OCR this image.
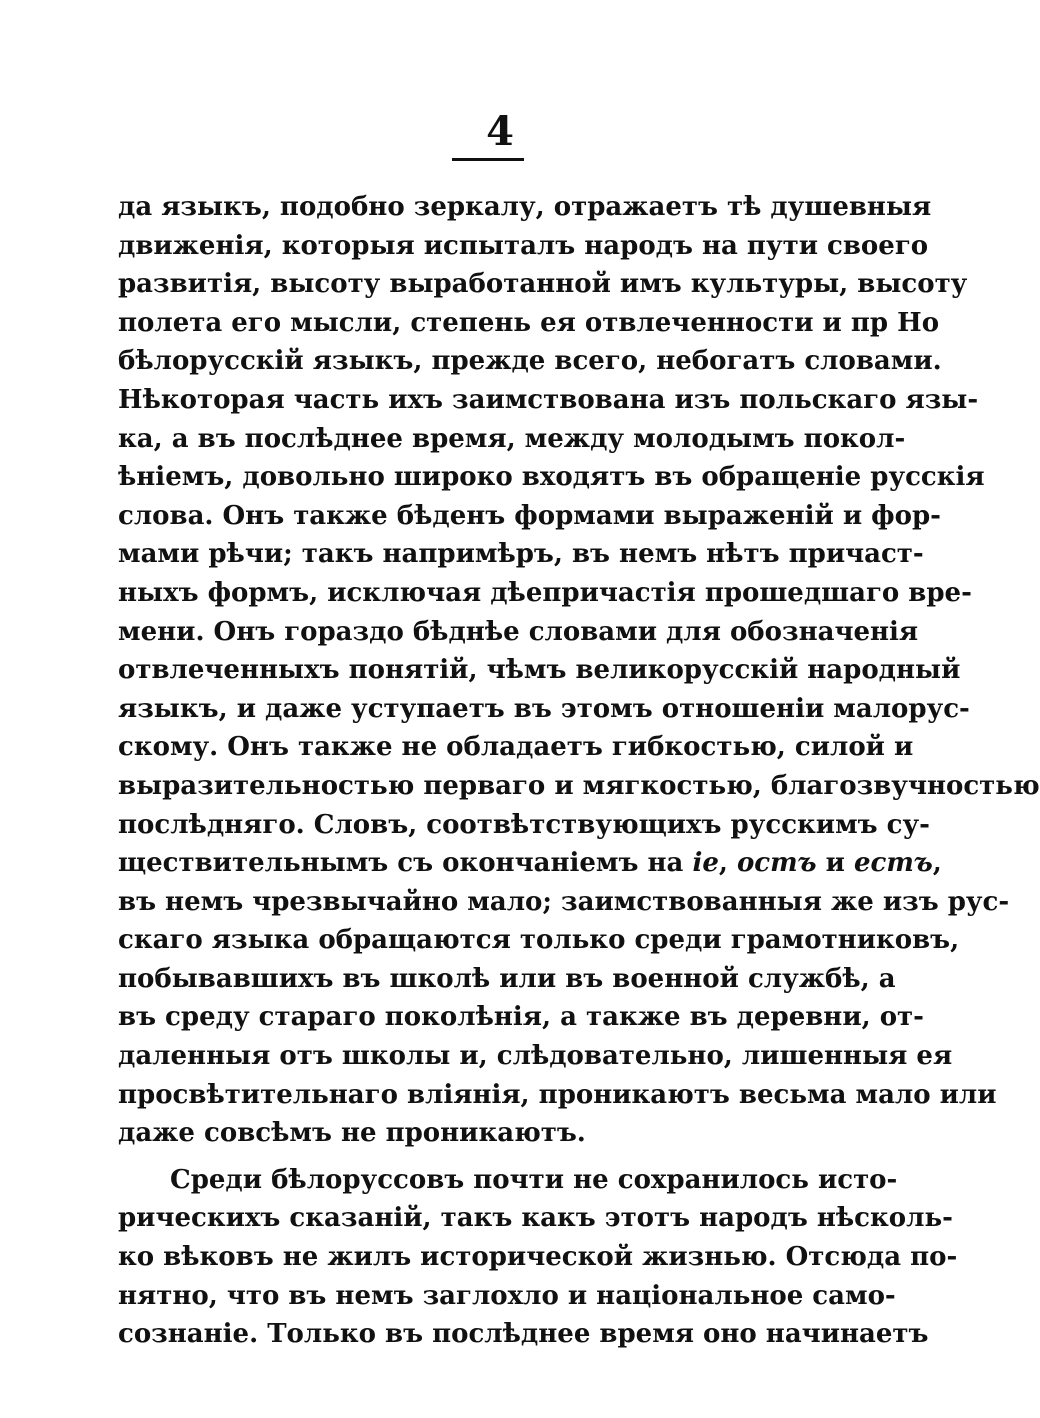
4
да языкъ, подобно зеркалу, отражаетъ тѣ душевныя
движенія, которыя испыталъ народъ на пути своего
развитія, высоту выработанной имъ культуры, высоту
полета его мысли, степень ея отвлеченности и пр Но
бѣлорусскій языкъ, прежде всего, небогатъ словами.
Нѣкоторая часть ихъ заимствована изъ польскаго язы-
ка, а въ послѣднее время, между молодымъ покол-
ѣніемъ, довольно широко входятъ въ обращеніе русскія
слова. Онъ также бѣденъ формами выраженій и фор-
мами рѣчи; такъ напримѣръ, въ немъ нѣтъ причаст-
ныхъ формъ, исключая дѣепричастія прошедшаго вре-
мени. Онъ гораздо бѣднѣе словами для обозначенія
отвлеченныхъ понятій, чѣмъ великорусскій народный
языкъ, и даже уступаетъ въ этомъ отношеніи малорус-
скому. Онъ также не обладаетъ гибкостью, силой и
выразительностью перваго и мягкостью, благозвучностью
послѣдняго. Словъ, соотвѣтствующихъ русскимъ су-
ществительнымъ съ окончаніемъ на іе, остъ и естъ,
въ немъ чрезвычайно мало; заимствованныя же изъ рус-
скаго языка обращаются только среди грамотниковъ,
побывавшихъ въ школѣ или въ военной службѣ, а
въ среду стараго поколѣнія, а также въ деревни, от-
даленныя отъ школы и, слѣдовательно, лишенныя ея
просвѣтительнаго вліянія, проникаютъ весьма мало или
даже совсѣмъ не проникаютъ.
Среди бѣлоруссовъ почти не сохранилось исто-
рическихъ сказаній, такъ какъ этотъ народъ нѣсколь-
ко вѣковъ не жилъ исторической жизнью. Отсюда по-
нятно, что въ немъ заглохло и національное само-
сознаніе. Только въ послѣднее время оно начинаетъ
